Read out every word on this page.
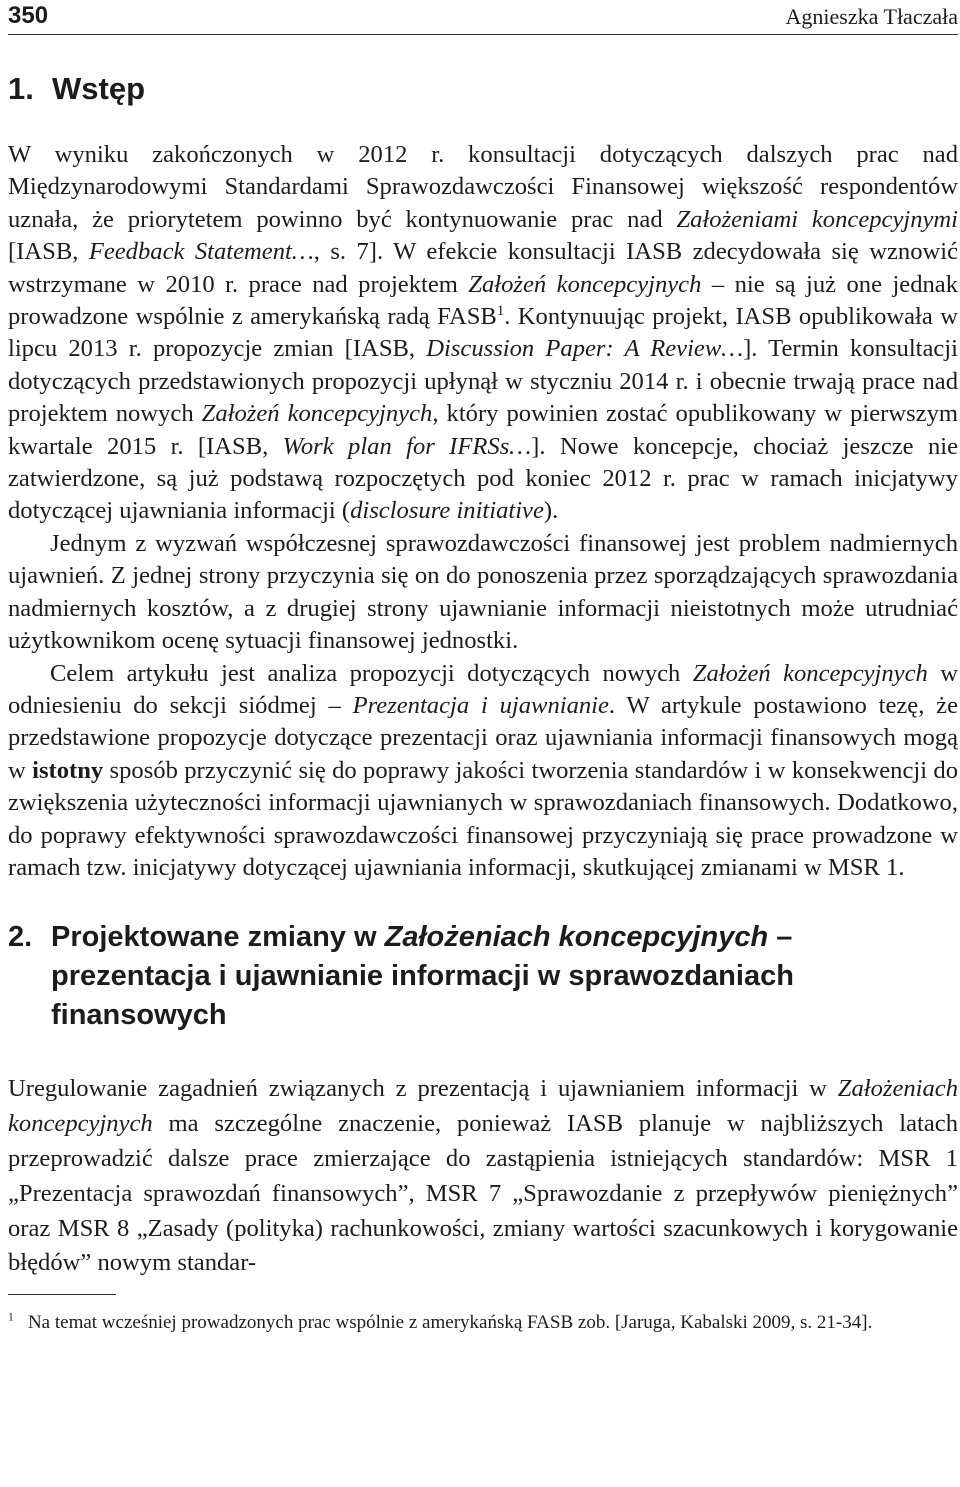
350	Agnieszka Tłaczała
1. Wstęp

W wyniku zakończonych w 2012 r. konsultacji dotyczących dalszych prac nad Międzynarodowymi Standardami Sprawozdawczości Finansowej większość respondentów uznała, że priorytetem powinno być kontynuowanie prac nad Założeniami koncepcyjnymi [IASB, Feedback Statement…, s. 7]. W efekcie konsultacji IASB zdecydowała się wznowić wstrzymane w 2010 r. prace nad projektem Założeń koncepcyjnych – nie są już one jednak prowadzone wspólnie z amerykańską radą FASB$^1$. Kontynuując projekt, IASB opublikowała w lipcu 2013 r. propozycje zmian [IASB, Discussion Paper: A Review…]. Termin konsultacji dotyczących przedstawionych propozycji upłynął w styczniu 2014 r. i obecnie trwają prace nad projektem nowych Założeń koncepcyjnych, który powinien zostać opublikowany w pierwszym kwartale 2015 r. [IASB, Work plan for IFRSs…]. Nowe koncepcje, chociaż jeszcze nie zatwierdzone, są już podstawą rozpoczętych pod koniec 2012 r. prac w ramach inicjatywy dotyczącej ujawniania informacji (disclosure initiative).

Jednym z wyzwań współczesnej sprawozdawczości finansowej jest problem nadmiernych ujawnień. Z jednej strony przyczynia się on do ponoszenia przez sporządzających sprawozdania nadmiernych kosztów, a z drugiej strony ujawnianie informacji nieistotnych może utrudniać użytkownikom ocenę sytuacji finansowej jednostki.

Celem artykułu jest analiza propozycji dotyczących nowych Założeń koncepcyjnych w odniesieniu do sekcji siódmej – Prezentacja i ujawnianie. W artykule postawiono tezę, że przedstawione propozycje dotyczące prezentacji oraz ujawniania informacji finansowych mogą w istotny sposób przyczynić się do poprawy jakości tworzenia standardów i w konsekwencji do zwiększenia użyteczności informacji ujawnianych w sprawozdaniach finansowych. Dodatkowo, do poprawy efektywności sprawozdawczości finansowej przyczyniają się prace prowadzone w ramach tzw. inicjatywy dotyczącej ujawniania informacji, skutkującej zmianami w MSR 1.

2. Projektowane zmiany w Założeniach koncepcyjnych – prezentacja i ujawnianie informacji w sprawozdaniach finansowych

Uregulowanie zagadnień związanych z prezentacją i ujawnianiem informacji w Założeniach koncepcyjnych ma szczególne znaczenie, ponieważ IASB planuje w najbliższych latach przeprowadzić dalsze prace zmierzające do zastąpienia istniejących standardów: MSR 1 „Prezentacja sprawozdań finansowych”, MSR 7 „Sprawozdanie z przepływów pieniężnych” oraz MSR 8 „Zasady (polityka) rachunkowości, zmiany wartości szacunkowych i korygowanie błędów” nowym standar-

$^1$ Na temat wcześniej prowadzonych prac wspólnie z amerykańską FASB zob. [Jaruga, Kabalski 2009, s. 21-34].
